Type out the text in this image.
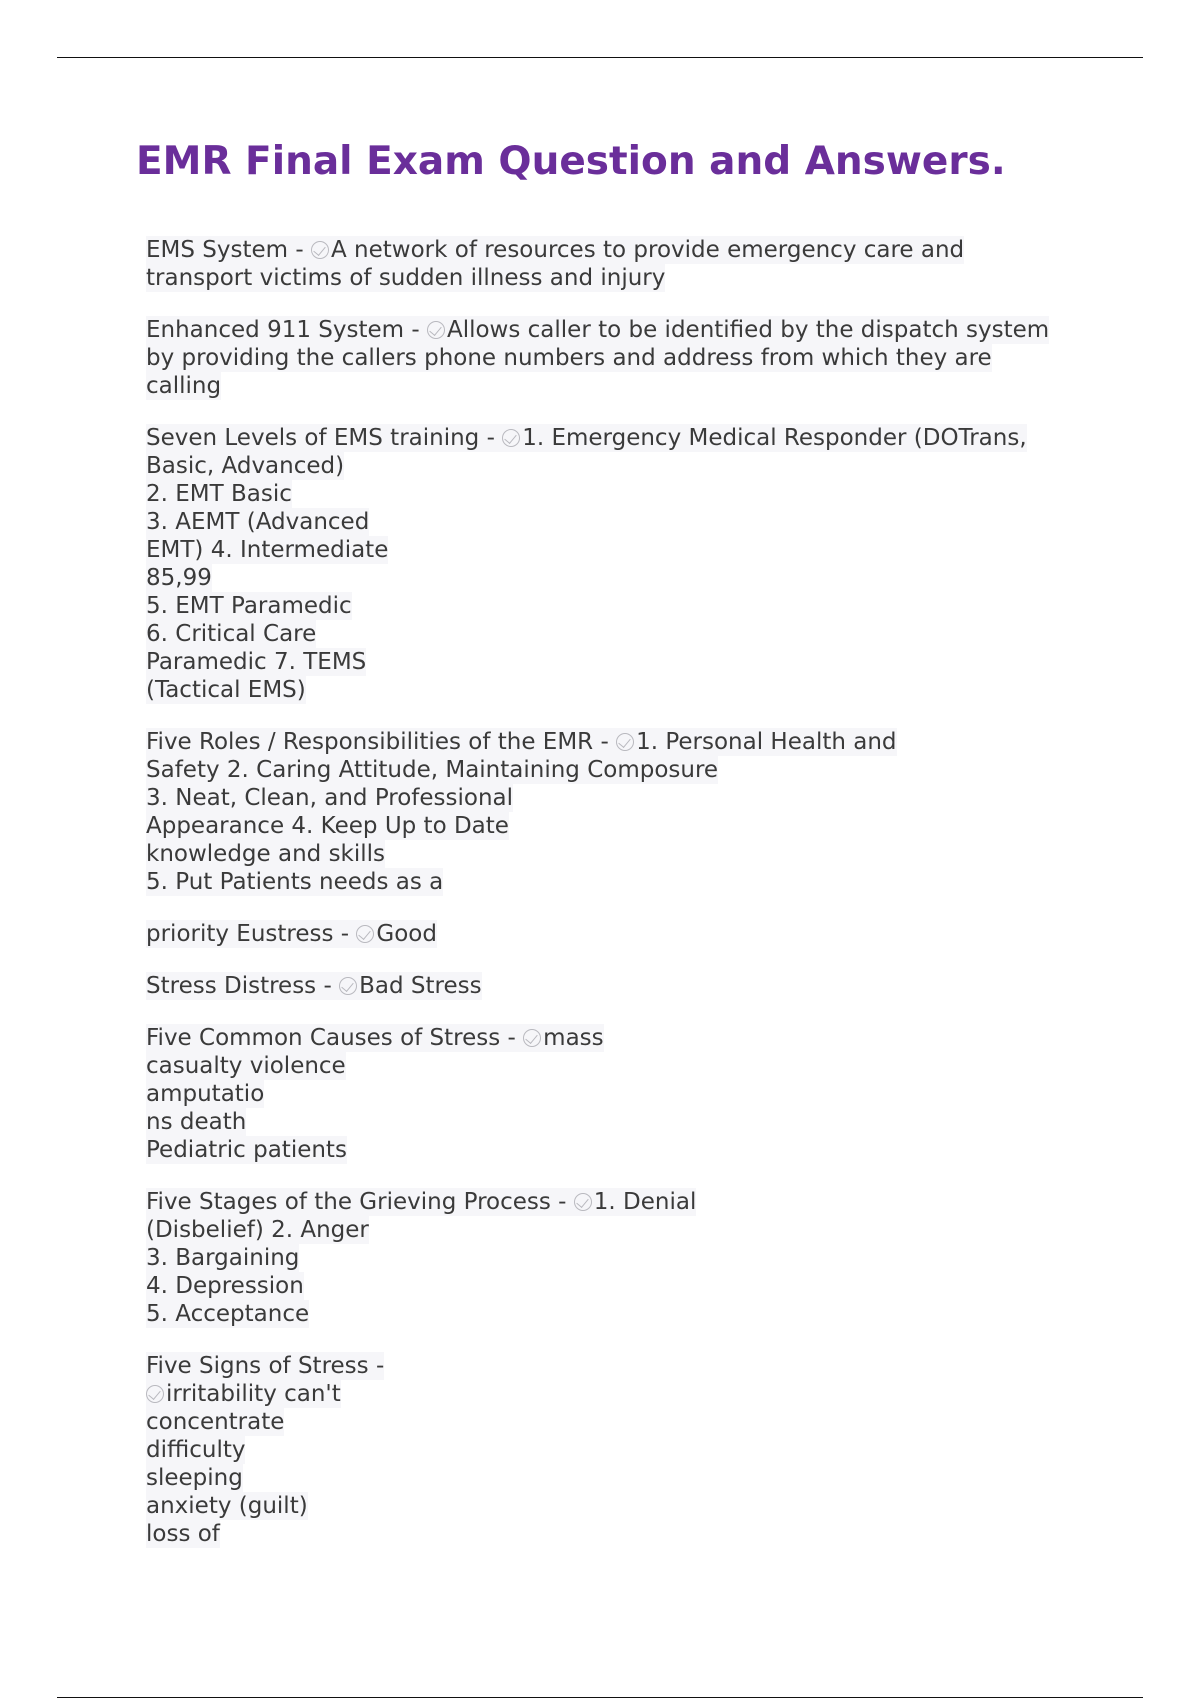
EMR Final Exam Question and Answers.
EMS System - A network of resources to provide emergency care and
transport victims of sudden illness and injury
Enhanced 911 System - Allows caller to be identified by the dispatch system
by providing the callers phone numbers and address from which they are
calling
Seven Levels of EMS training - 1. Emergency Medical Responder (DOTrans,
Basic, Advanced)
2. EMT Basic
3. AEMT (Advanced
EMT) 4. Intermediate
85,99
5. EMT Paramedic
6. Critical Care
Paramedic 7. TEMS
(Tactical EMS)
Five Roles / Responsibilities of the EMR - 1. Personal Health and
Safety 2. Caring Attitude, Maintaining Composure
3. Neat, Clean, and Professional
Appearance 4. Keep Up to Date
knowledge and skills
5. Put Patients needs as a
priority Eustress - Good
Stress Distress - Bad Stress
Five Common Causes of Stress - mass
casualty violence
amputatio
ns death
Pediatric patients
Five Stages of the Grieving Process - 1. Denial
(Disbelief) 2. Anger
3. Bargaining
4. Depression
5. Acceptance
Five Signs of Stress -
irritability can't
concentrate
difficulty
sleeping
anxiety (guilt)
loss of
